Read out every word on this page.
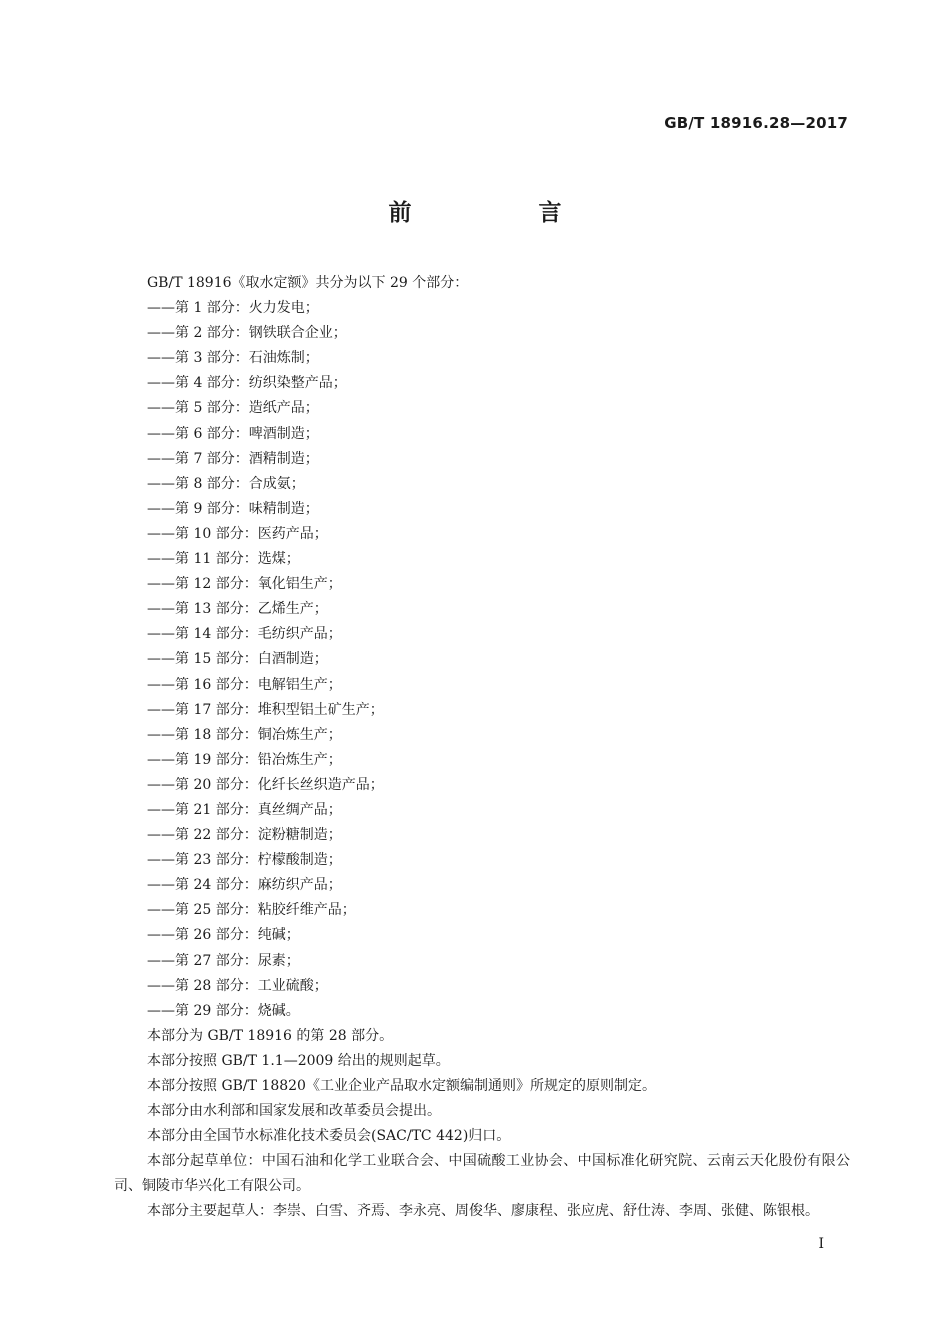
GB/T 18916.28—2017
前　言
GB/T 18916《取水定额》共分为以下 29 个部分：
——第 1 部分：火力发电；
——第 2 部分：钢铁联合企业；
——第 3 部分：石油炼制；
——第 4 部分：纺织染整产品；
——第 5 部分：造纸产品；
——第 6 部分：啤酒制造；
——第 7 部分：酒精制造；
——第 8 部分：合成氨；
——第 9 部分：味精制造；
——第 10 部分：医药产品；
——第 11 部分：选煤；
——第 12 部分：氧化铝生产；
——第 13 部分：乙烯生产；
——第 14 部分：毛纺织产品；
——第 15 部分：白酒制造；
——第 16 部分：电解铝生产；
——第 17 部分：堆积型铝土矿生产；
——第 18 部分：铜冶炼生产；
——第 19 部分：铅冶炼生产；
——第 20 部分：化纤长丝织造产品；
——第 21 部分：真丝绸产品；
——第 22 部分：淀粉糖制造；
——第 23 部分：柠檬酸制造；
——第 24 部分：麻纺织产品；
——第 25 部分：粘胶纤维产品；
——第 26 部分：纯碱；
——第 27 部分：尿素；
——第 28 部分：工业硫酸；
——第 29 部分：烧碱。
本部分为 GB/T 18916 的第 28 部分。
本部分按照 GB/T 1.1—2009 给出的规则起草。
本部分按照 GB/T 18820《工业企业产品取水定额编制通则》所规定的原则制定。
本部分由水利部和国家发展和改革委员会提出。
本部分由全国节水标准化技术委员会(SAC/TC 442)归口。
本部分起草单位：中国石油和化学工业联合会、中国硫酸工业协会、中国标准化研究院、云南云天化股份有限公司、铜陵市华兴化工有限公司。
本部分主要起草人：李崇、白雪、齐焉、李永亮、周俊华、廖康程、张应虎、舒仕涛、李周、张健、陈银根。
I
